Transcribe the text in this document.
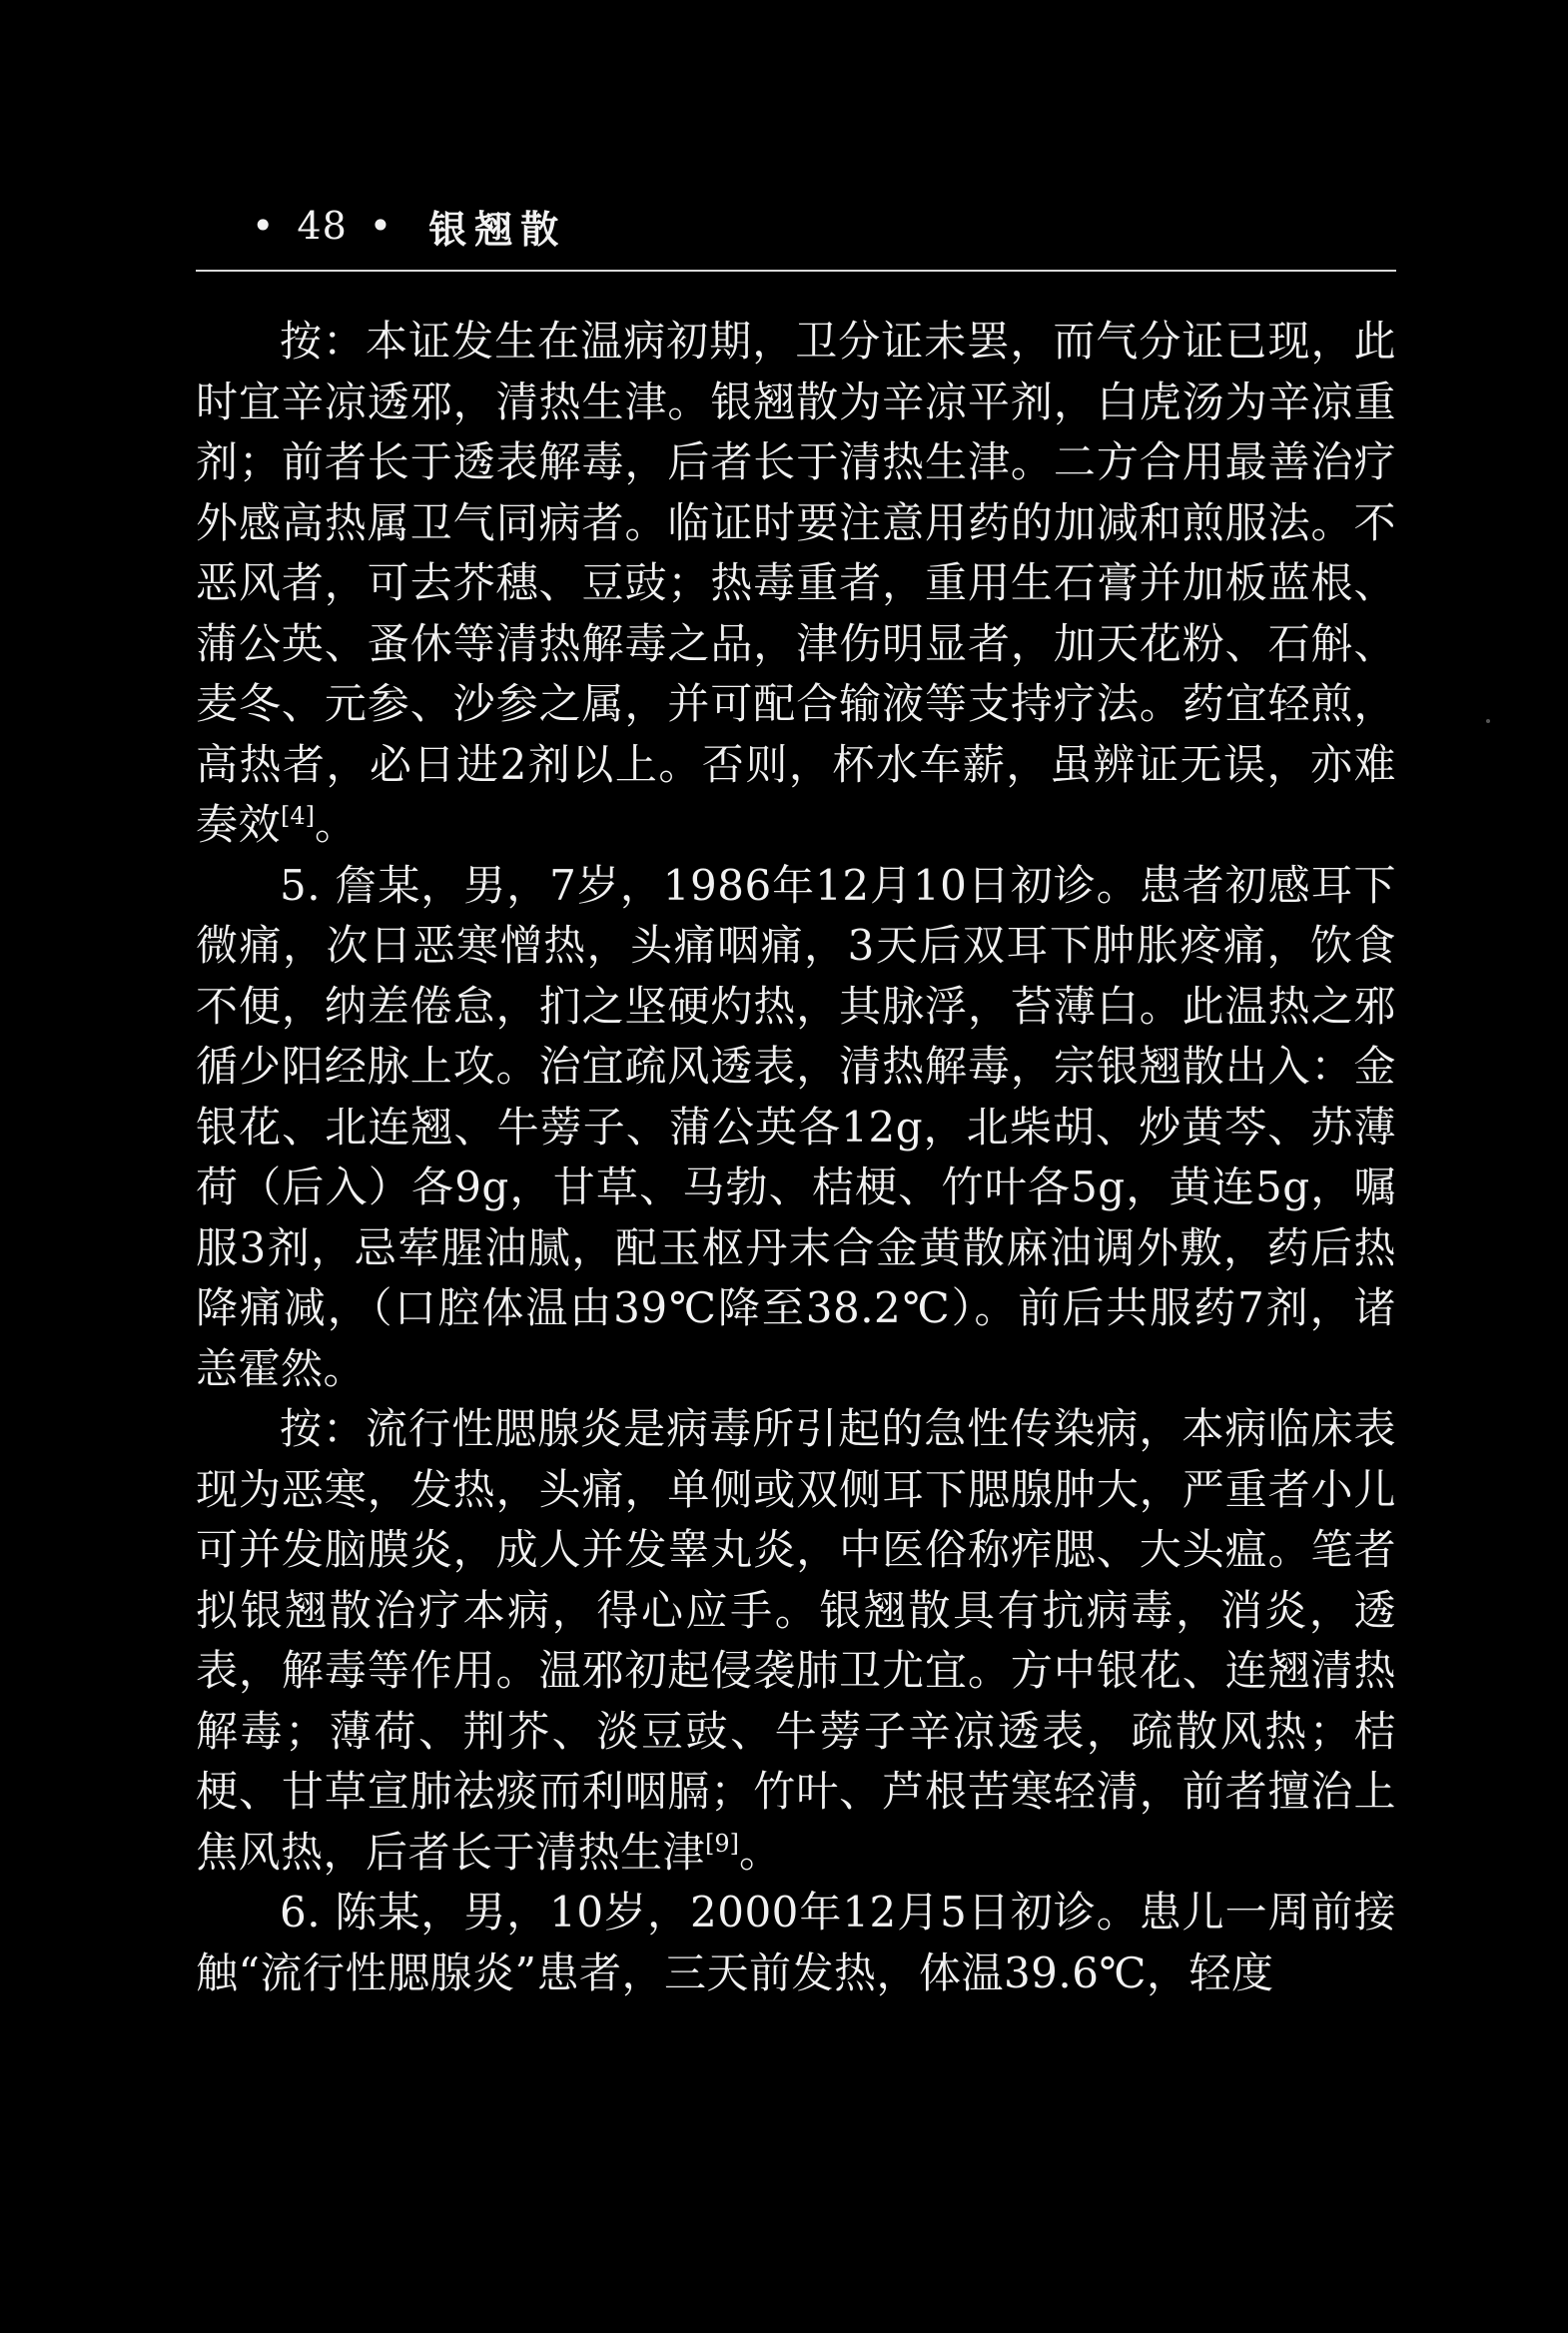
• 48 • 银翘散

按：本证发生在温病初期，卫分证未罢，而气分证已现，此时宜辛凉透邪，清热生津。银翘散为辛凉平剂，白虎汤为辛凉重剂；前者长于透表解毒，后者长于清热生津。二方合用最善治疗外感高热属卫气同病者。临证时要注意用药的加减和煎服法。不恶风者，可去芥穗、豆豉；热毒重者，重用生石膏并加板蓝根、蒲公英、蚤休等清热解毒之品，津伤明显者，加天花粉、石斛、麦冬、元参、沙参之属，并可配合输液等支持疗法。药宜轻煎，高热者，必日进2剂以上。否则，杯水车薪，虽辨证无误，亦难奏效[4]。

5. 詹某，男，7岁，1986年12月10日初诊。患者初感耳下微痛，次日恶寒憎热，头痛咽痛，3天后双耳下肿胀疼痛，饮食不便，纳差倦怠，扪之坚硬灼热，其脉浮，苔薄白。此温热之邪循少阳经脉上攻。治宜疏风透表，清热解毒，宗银翘散出入：金银花、北连翘、牛蒡子、蒲公英各12g，北柴胡、炒黄芩、苏薄荷（后入）各9g，甘草、马勃、桔梗、竹叶各5g，黄连5g，嘱服3剂，忌荤腥油腻，配玉枢丹末合金黄散麻油调外敷，药后热降痛减，（口腔体温由39℃降至38.2℃）。前后共服药7剂，诸恙霍然。

按：流行性腮腺炎是病毒所引起的急性传染病，本病临床表现为恶寒，发热，头痛，单侧或双侧耳下腮腺肿大，严重者小儿可并发脑膜炎，成人并发睾丸炎，中医俗称痄腮、大头瘟。笔者拟银翘散治疗本病，得心应手。银翘散具有抗病毒，消炎，透表，解毒等作用。温邪初起侵袭肺卫尤宜。方中银花、连翘清热解毒；薄荷、荆芥、淡豆豉、牛蒡子辛凉透表，疏散风热；桔梗、甘草宣肺祛痰而利咽膈；竹叶、芦根苦寒轻清，前者擅治上焦风热，后者长于清热生津[9]。

6. 陈某，男，10岁，2000年12月5日初诊。患儿一周前接触“流行性腮腺炎”患者，三天前发热，体温39.6℃，轻度
